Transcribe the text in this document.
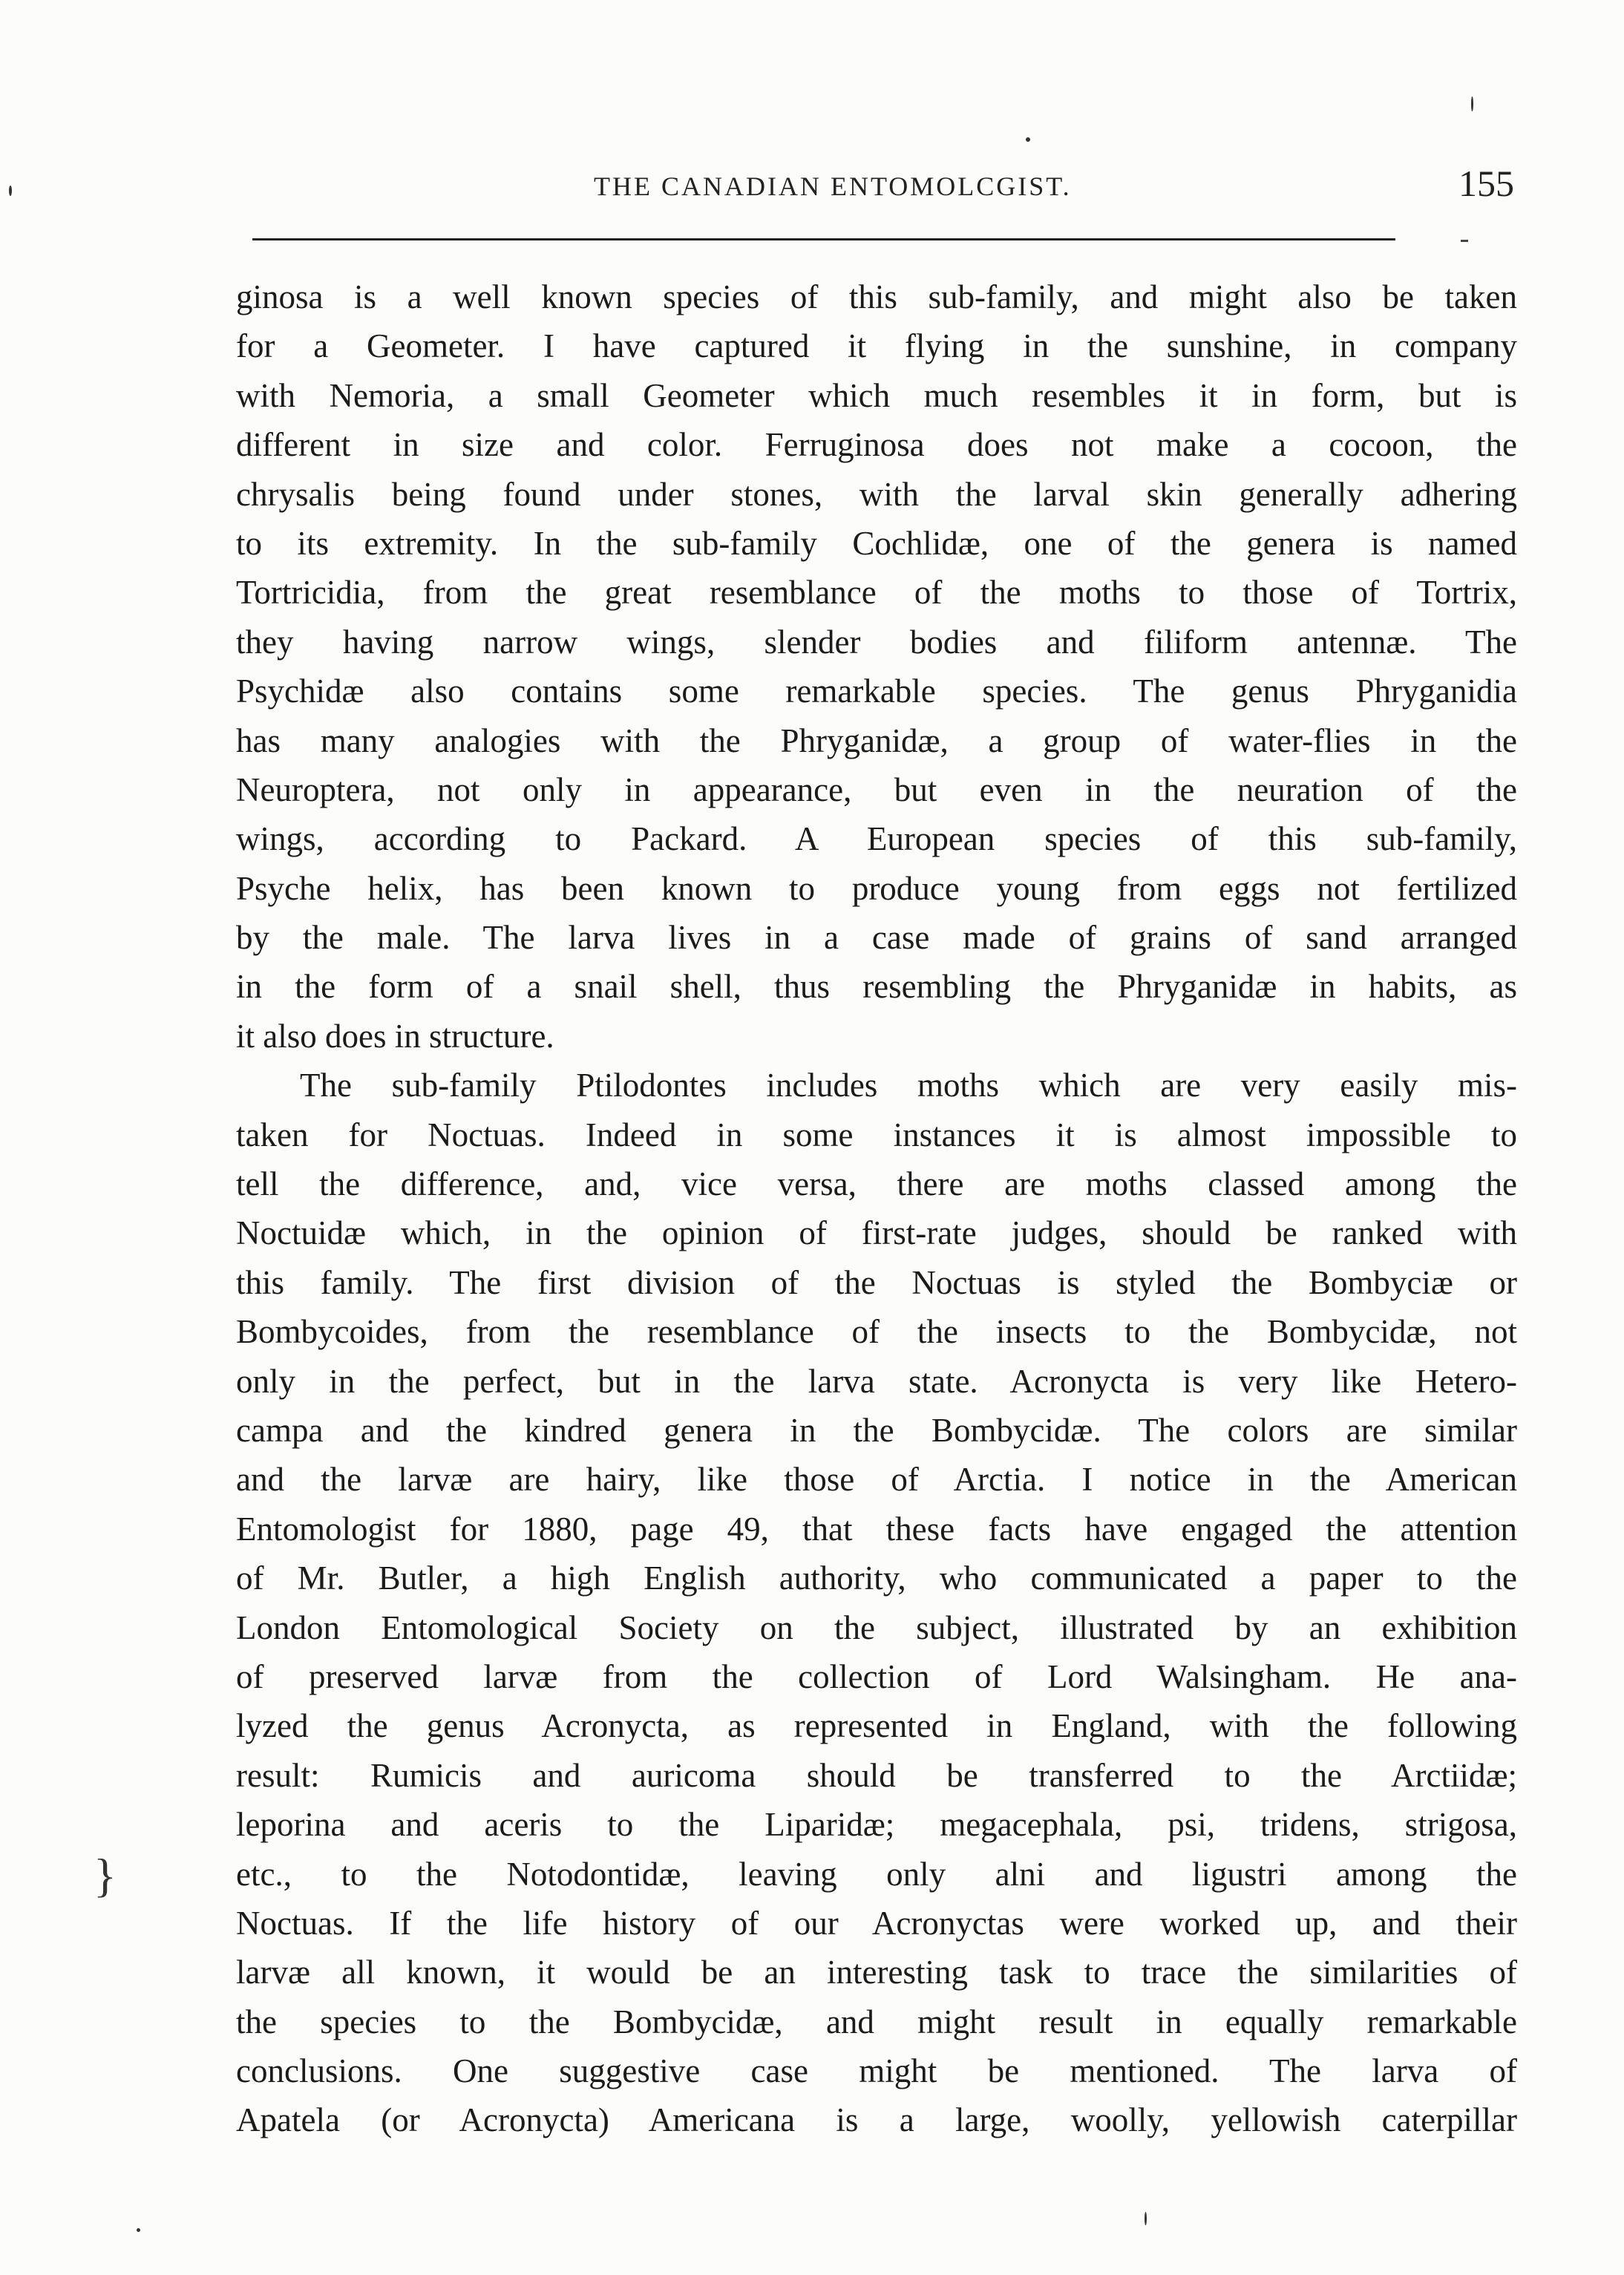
THE CANADIAN ENTOMOLCGIST.	155
ginosa is a well known species of this sub-family, and might also be taken
for a Geometer. I have captured it flying in the sunshine, in company
with Nemoria, a small Geometer which much resembles it in form, but is
different in size and color. Ferruginosa does not make a cocoon, the
chrysalis being found under stones, with the larval skin generally adhering
to its extremity. In the sub-family Cochlidæ, one of the genera is named
Tortricidia, from the great resemblance of the moths to those of Tortrix,
they having narrow wings, slender bodies and filiform antennæ. The
Psychidæ also contains some remarkable species. The genus Phryganidia
has many analogies with the Phryganidæ, a group of water-flies in the
Neuroptera, not only in appearance, but even in the neuration of the
wings, according to Packard. A European species of this sub-family,
Psyche helix, has been known to produce young from eggs not fertilized
by the male. The larva lives in a case made of grains of sand arranged
in the form of a snail shell, thus resembling the Phryganidæ in habits, as
it also does in structure.
The sub-family Ptilodontes includes moths which are very easily mis-
taken for Noctuas. Indeed in some instances it is almost impossible to
tell the difference, and, vice versa, there are moths classed among the
Noctuidæ which, in the opinion of first-rate judges, should be ranked with
this family. The first division of the Noctuas is styled the Bombyciæ or
Bombycoides, from the resemblance of the insects to the Bombycidæ, not
only in the perfect, but in the larva state. Acronycta is very like Hetero-
campa and the kindred genera in the Bombycidæ. The colors are similar
and the larvæ are hairy, like those of Arctia. I notice in the American
Entomologist for 1880, page 49, that these facts have engaged the attention
of Mr. Butler, a high English authority, who communicated a paper to the
London Entomological Society on the subject, illustrated by an exhibition
of preserved larvæ from the collection of Lord Walsingham. He ana-
lyzed the genus Acronycta, as represented in England, with the following
result: Rumicis and auricoma should be transferred to the Arctiidæ;
leporina and aceris to the Liparidæ; megacephala, psi, tridens, strigosa,
etc., to the Notodontidæ, leaving only alni and ligustri among the
Noctuas. If the life history of our Acronyctas were worked up, and their
larvæ all known, it would be an interesting task to trace the similarities of
the species to the Bombycidæ, and might result in equally remarkable
conclusions. One suggestive case might be mentioned. The larva of
Apatela (or Acronycta) Americana is a large, woolly, yellowish caterpillar
}
